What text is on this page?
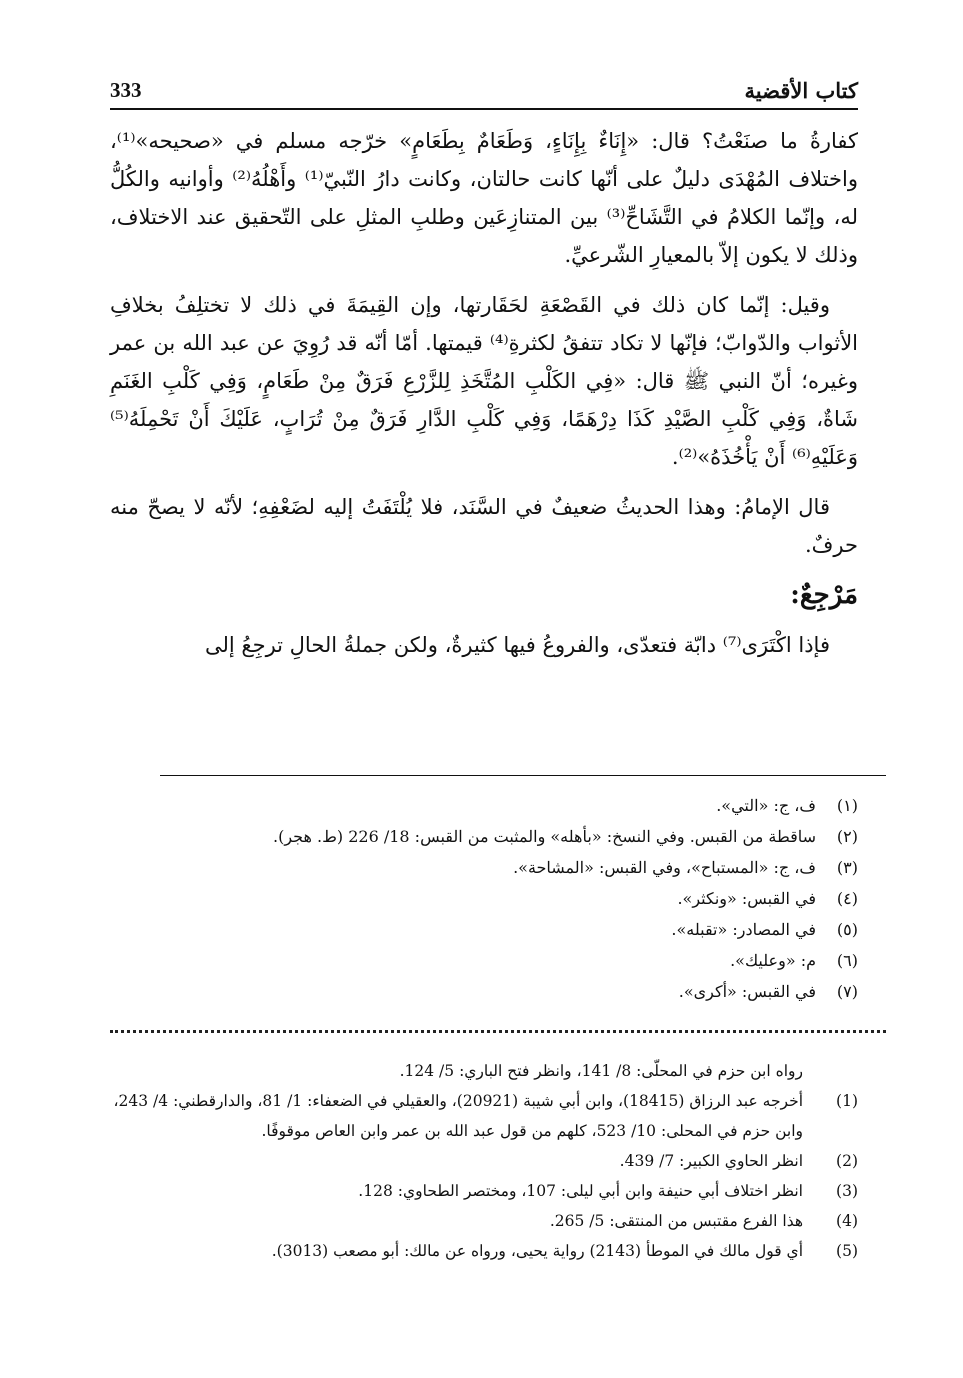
كتاب الأقضية
333

كفارةُ ما صنَعْتُ؟ قال: «إِنَاءٌ بِإِنَاءٍ، وَطَعَامٌ بِطَعَامٍ» خرّجه مسلم في «صحيحه»⁽¹⁾، واختلاف المُهْدَى دليلٌ على أنّها كانت حالتان، وكانت دارُ النّبيّ⁽¹⁾ وأَهْلُهُ⁽²⁾ وأوانيه والكُلُّ له، وإنّما الكلامُ في التَّشَاحِّ⁽³⁾ بين المتنازِعَين وطلبِ المثلِ على التّحقيق عند الاختلاف، وذلك لا يكون إلاّ بالمعيارِ الشّرعيِّ.

وقيل: إنّما كان ذلك في القَصْعَةِ لحَقَارتها، وإن القِيمَةَ في ذلك لا تختلِفُ بخلافِ الأثواب والدّوابّ؛ فإنّها لا تكاد تتفقُ لكثرةِ⁽⁴⁾ قيمتها. أمّا أنّه قد رُوِيَ عن عبد الله بن عمر وغيره؛ أنّ النبي ﷺ قال: «فِي الكَلْبِ المُتَّخَذِ لِلزَّرْعِ فَرَقٌ مِنْ طَعَامٍ، وَفِي كَلْبِ الغَنَمِ شَاةٌ، وَفِي كَلْبِ الصَّيْدِ كَذَا دِرْهَمًا، وَفِي كَلْبِ الدَّارِ فَرَقٌ مِنْ تُرَابٍ، عَلَيْكَ أَنْ تَحْمِلَهُ⁽⁵⁾ وَعَلَيْهِ⁽⁶⁾ أَنْ يَأْخُذَهُ»⁽²⁾.

قال الإمامُ: وهذا الحديثُ ضعيفٌ في السَّنَد، فلا يُلْتَفَتُ إليه لضَعْفِهِ؛ لأنّه لا يصحّ منه حرفٌ.

مَرْجِعٌ:

فإذا اكْتَرَى⁽⁷⁾ دابّة فتعدّى، والفروعُ فيها كثيرةٌ، ولكن جملةُ الحالِ ترجِعُ إلى

(١)
ف، ج: «التي».
(٢)
ساقطة من القبس. وفي النسخ: «بأهله» والمثبت من القبس: 18/ 226 (ط. هجر).
(٣)
ف، ج: «المستباح»، وفي القبس: «المشاحة».
(٤)
في القبس: «ونكثر».
(٥)
في المصادر: «تقبله».
(٦)
م: «وعليك».
(٧)
في القبس: «أكرى».
رواه ابن حزم في المحلّى: 8/ 141، وانظر فتح الباري: 5/ 124.
(1)
أخرجه عبد الرزاق (18415)، وابن أبي شيبة (20921)، والعقيلي في الضعفاء: 1/ 81، والدارقطني: 4/ 243، وابن حزم في المحلى: 10/ 523، كلهم من قول عبد الله بن عمر وابن العاص موقوفًا.
(2)
انظر الحاوي الكبير: 7/ 439.
(3)
انظر اختلاف أبي حنيفة وابن أبي ليلى: 107، ومختصر الطحاوي: 128.
(4)
هذا الفرع مقتبس من المنتقى: 5/ 265.
(5)
أي قول مالك في الموطأ (2143) رواية يحيى، ورواه عن مالك: أبو مصعب (3013).
